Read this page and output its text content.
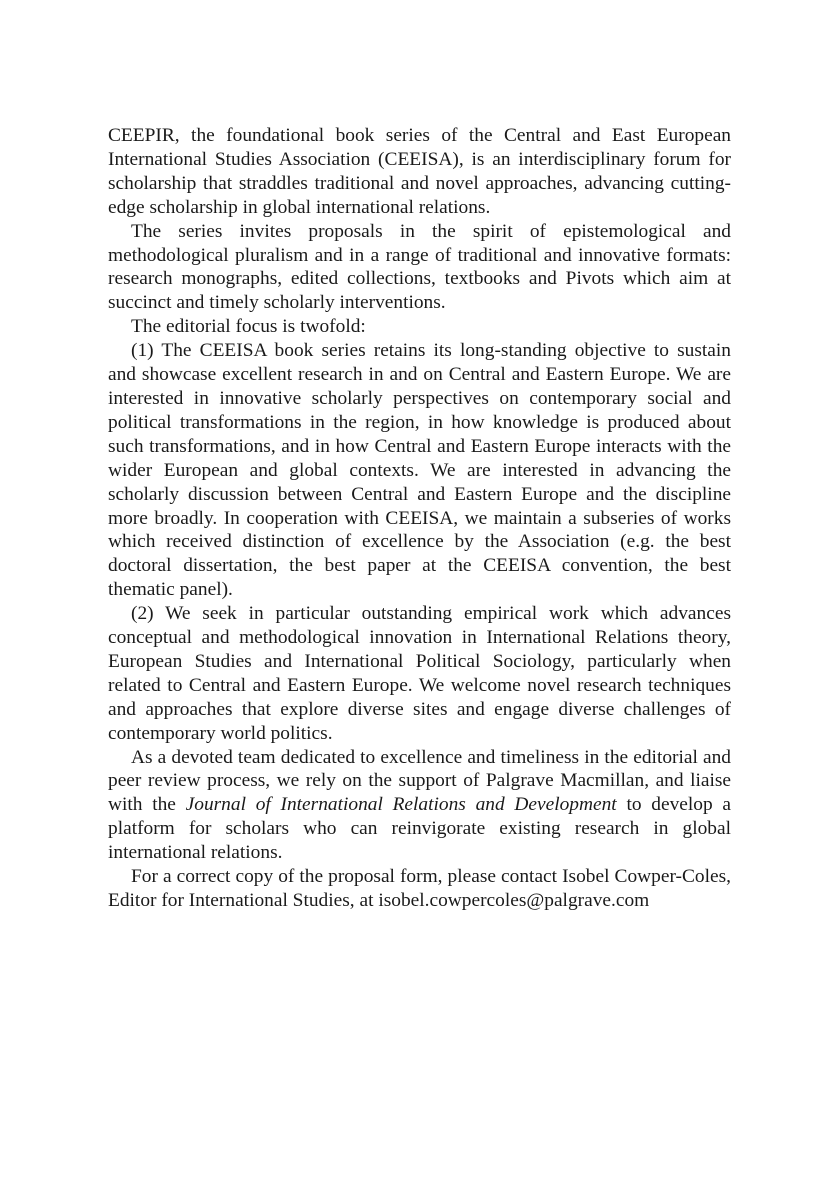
CEEPIR, the foundational book series of the Central and East European International Studies Association (CEEISA), is an interdisciplinary forum for scholarship that straddles traditional and novel approaches, advancing cutting-edge scholarship in global international relations.

The series invites proposals in the spirit of epistemological and methodological pluralism and in a range of traditional and innovative formats: research monographs, edited collections, textbooks and Pivots which aim at succinct and timely scholarly interventions.

The editorial focus is twofold:

(1) The CEEISA book series retains its long-standing objective to sustain and showcase excellent research in and on Central and Eastern Europe. We are interested in innovative scholarly perspectives on contemporary social and political transformations in the region, in how knowledge is produced about such transformations, and in how Central and Eastern Europe interacts with the wider European and global contexts. We are interested in advancing the scholarly discussion between Central and Eastern Europe and the discipline more broadly. In cooperation with CEEISA, we maintain a subseries of works which received distinction of excellence by the Association (e.g. the best doctoral dissertation, the best paper at the CEEISA convention, the best thematic panel).

(2) We seek in particular outstanding empirical work which advances conceptual and methodological innovation in International Relations theory, European Studies and International Political Sociology, particularly when related to Central and Eastern Europe. We welcome novel research techniques and approaches that explore diverse sites and engage diverse challenges of contemporary world politics.

As a devoted team dedicated to excellence and timeliness in the editorial and peer review process, we rely on the support of Palgrave Macmillan, and liaise with the Journal of International Relations and Development to develop a platform for scholars who can reinvigorate existing research in global international relations.

For a correct copy of the proposal form, please contact Isobel Cowper-Coles, Editor for International Studies, at isobel.cowpercoles@palgrave.com
